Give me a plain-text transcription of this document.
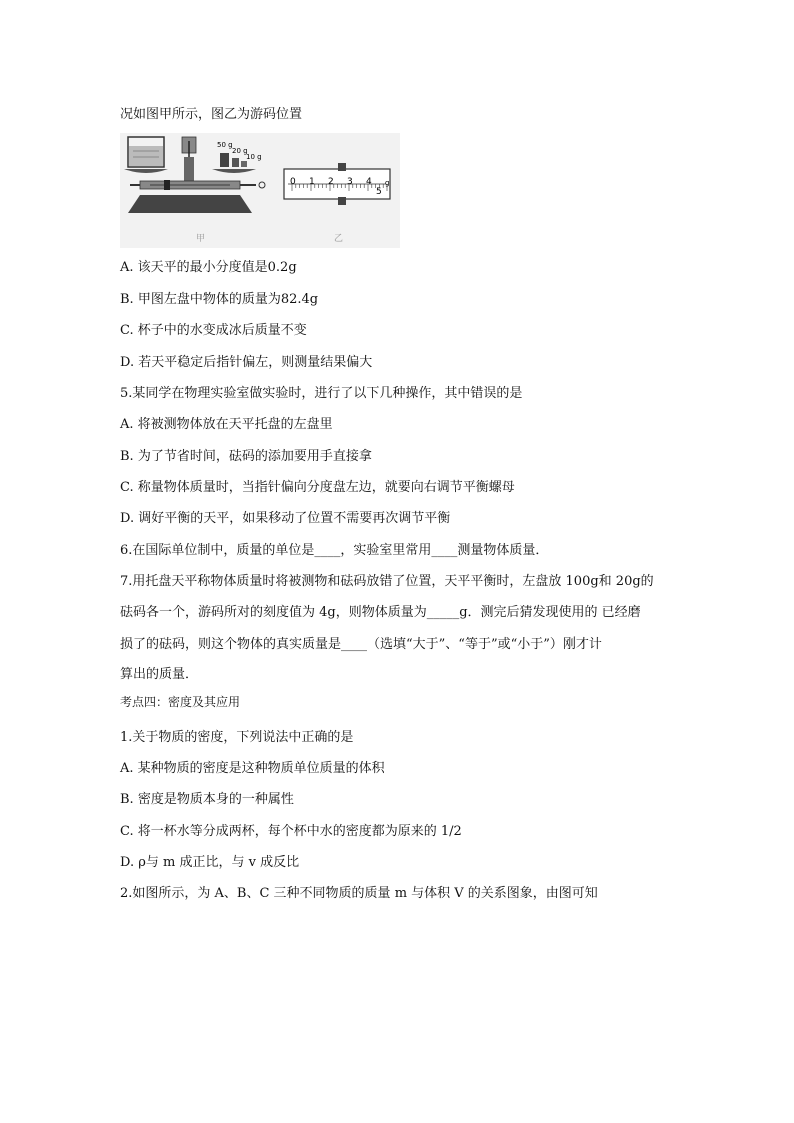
况如图甲所示，图乙为游码位置
50 g
20 g
10 g
甲
0 1 2 3 4
5
g
乙
A. 该天平的最小分度值是0.2g
B. 甲图左盘中物体的质量为82.4g
C. 杯子中的水变成冰后质量不变
D. 若天平稳定后指针偏左，则测量结果偏大
5.某同学在物理实验室做实验时，进行了以下几种操作，其中错误的是
A. 将被测物体放在天平托盘的左盘里
B. 为了节省时间，砝码的添加要用手直接拿
C. 称量物体质量时，当指针偏向分度盘左边，就要向右调节平衡螺母
D. 调好平衡的天平，如果移动了位置不需要再次调节平衡
6.在国际单位制中，质量的单位是____，实验室里常用____测量物体质量．
7.用托盘天平称物体质量时将被测物和砝码放错了位置，天平平衡时，左盘放 100g和 20g的
砝码各一个，游码所对的刻度值为 4g，则物体质量为_____g．测完后猜发现使用的 已经磨
损了的砝码，则这个物体的真实质量是____（选填“大于”、“等于”或“小于”）刚才计
算出的质量．
考点四：密度及其应用
1.关于物质的密度，下列说法中正确的是
A. 某种物质的密度是这种物质单位质量的体积
B. 密度是物质本身的一种属性
C. 将一杯水等分成两杯，每个杯中水的密度都为原来的 1/2
D. ρ与 m 成正比，与 v 成反比
2.如图所示，为 A、B、C 三种不同物质的质量 m 与体积 V 的关系图象，由图可知
